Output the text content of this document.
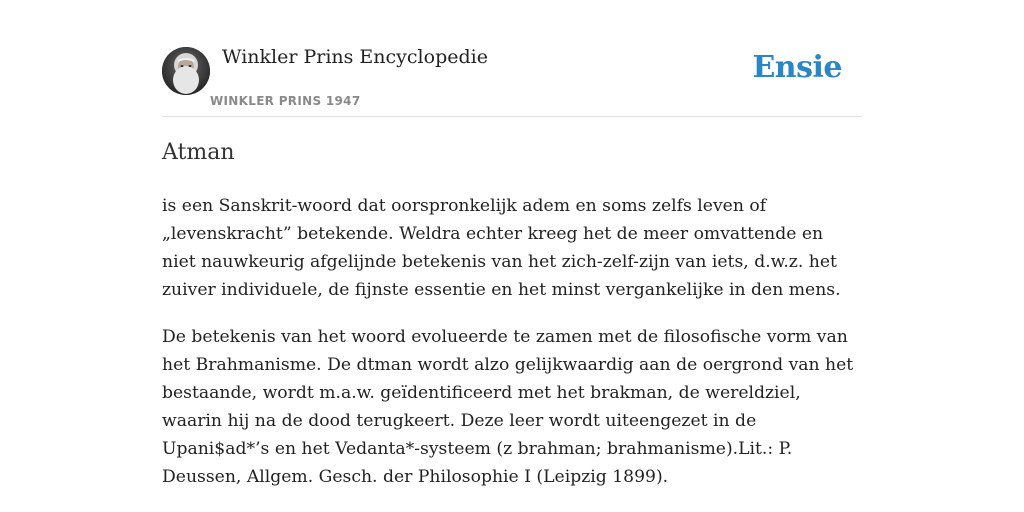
Winkler Prins Encyclopedie
WINKLER PRINS 1947
Ensie
Atman

is een Sanskrit-woord dat oorspronkelijk adem en soms zelfs leven of „levenskracht” betekende. Weldra echter kreeg het de meer omvattende en niet nauwkeurig afgelijnde betekenis van het zich-zelf-zijn van iets, d.w.z. het zuiver individuele, de fijnste essentie en het minst vergankelijke in den mens.

De betekenis van het woord evolueerde te zamen met de filosofische vorm van het Brahmanisme. De dtman wordt alzo gelijkwaardig aan de oergrond van het bestaande, wordt m.a.w. geïdentificeerd met het brakman, de wereldziel, waarin hij na de dood terugkeert. Deze leer wordt uiteengezet in de Upani$ad*’s en het Vedanta*-systeem (z brahman; brahmanisme).Lit.: P. Deussen, Allgem. Gesch. der Philosophie I (Leipzig 1899).
